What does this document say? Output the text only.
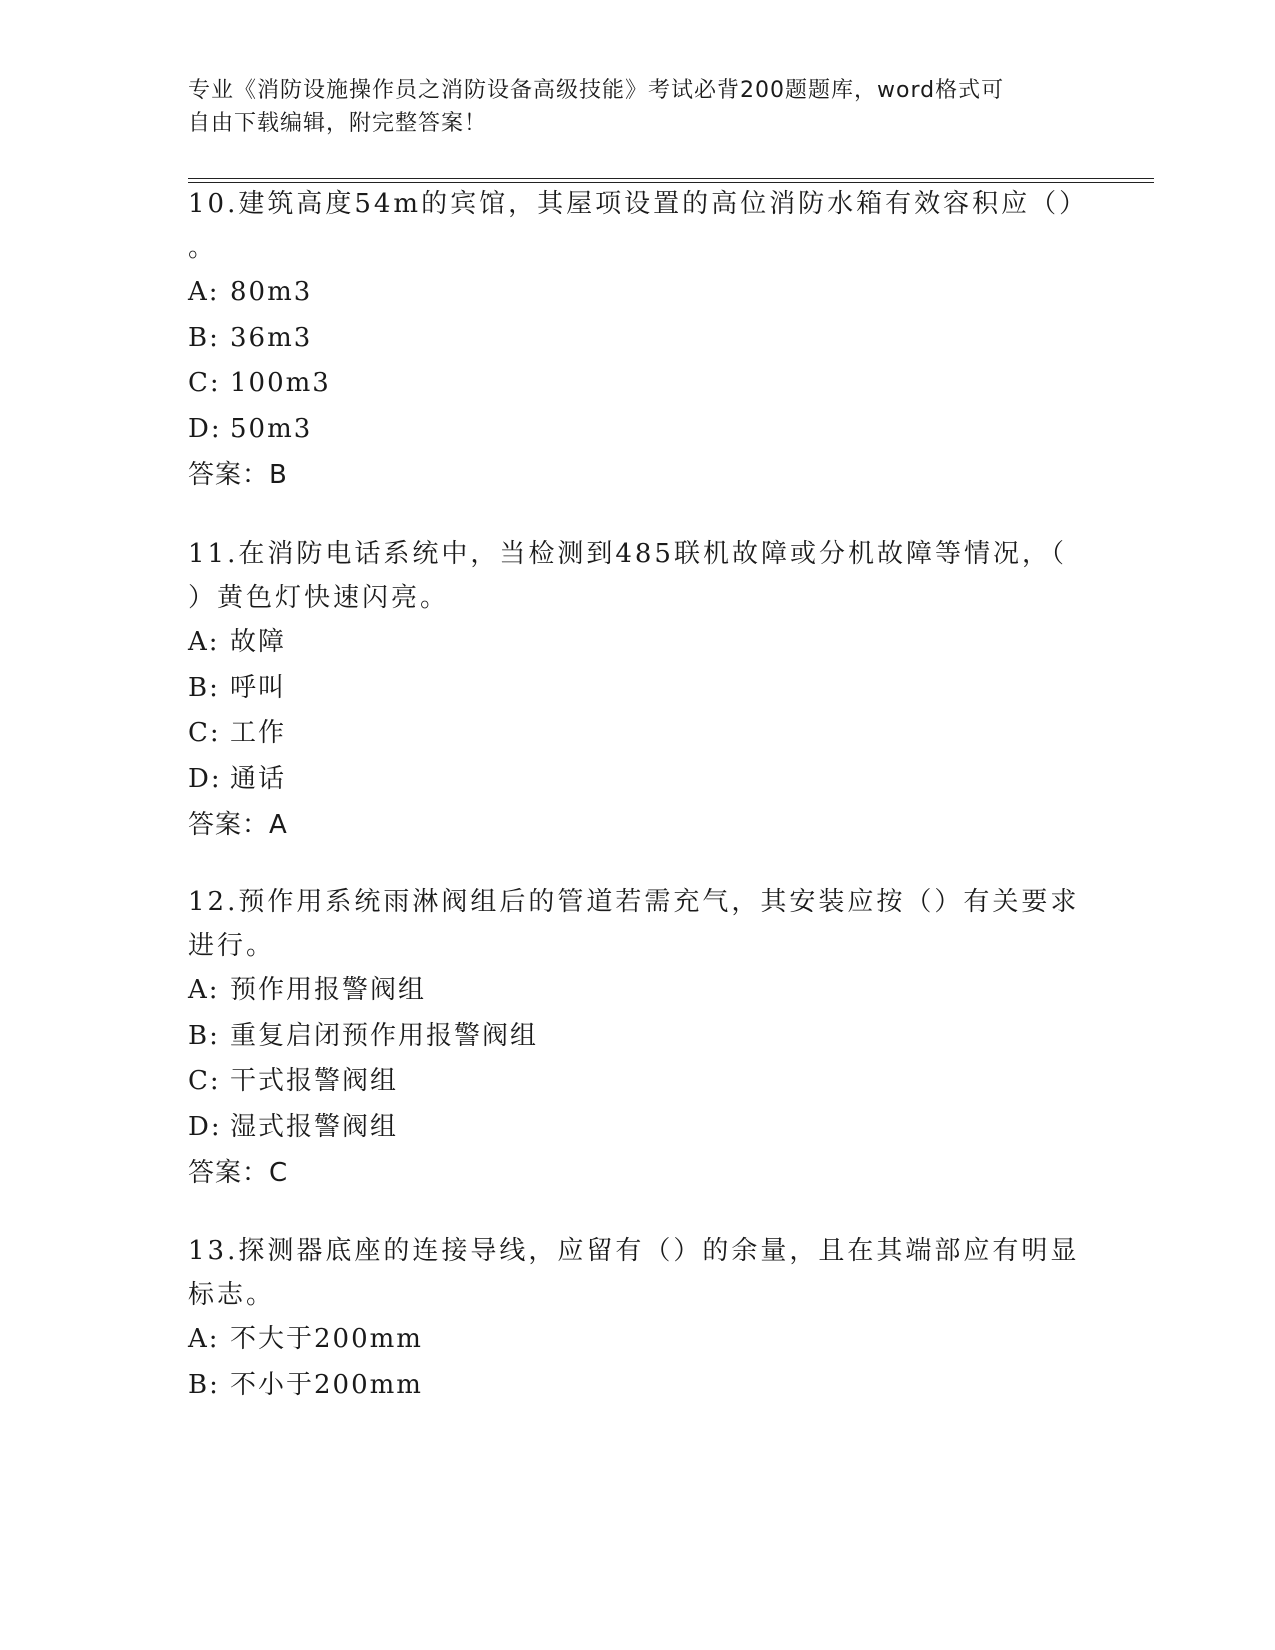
专业《消防设施操作员之消防设备高级技能》考试必背200题题库，word格式可
自由下载编辑，附完整答案！
10.建筑高度54m的宾馆，其屋项设置的高位消防水箱有效容积应（）
。
A: 80m3
B: 36m3
C: 100m3
D: 50m3
答案：B
11.在消防电话系统中，当检测到485联机故障或分机故障等情况，（
）黄色灯快速闪亮。
A: 故障
B: 呼叫
C: 工作
D: 通话
答案：A
12.预作用系统雨淋阀组后的管道若需充气，其安装应按（）有关要求
进行。
A: 预作用报警阀组
B: 重复启闭预作用报警阀组
C: 干式报警阀组
D: 湿式报警阀组
答案：C
13.探测器底座的连接导线，应留有（）的余量，且在其端部应有明显
标志。
A: 不大于200mm
B: 不小于200mm
